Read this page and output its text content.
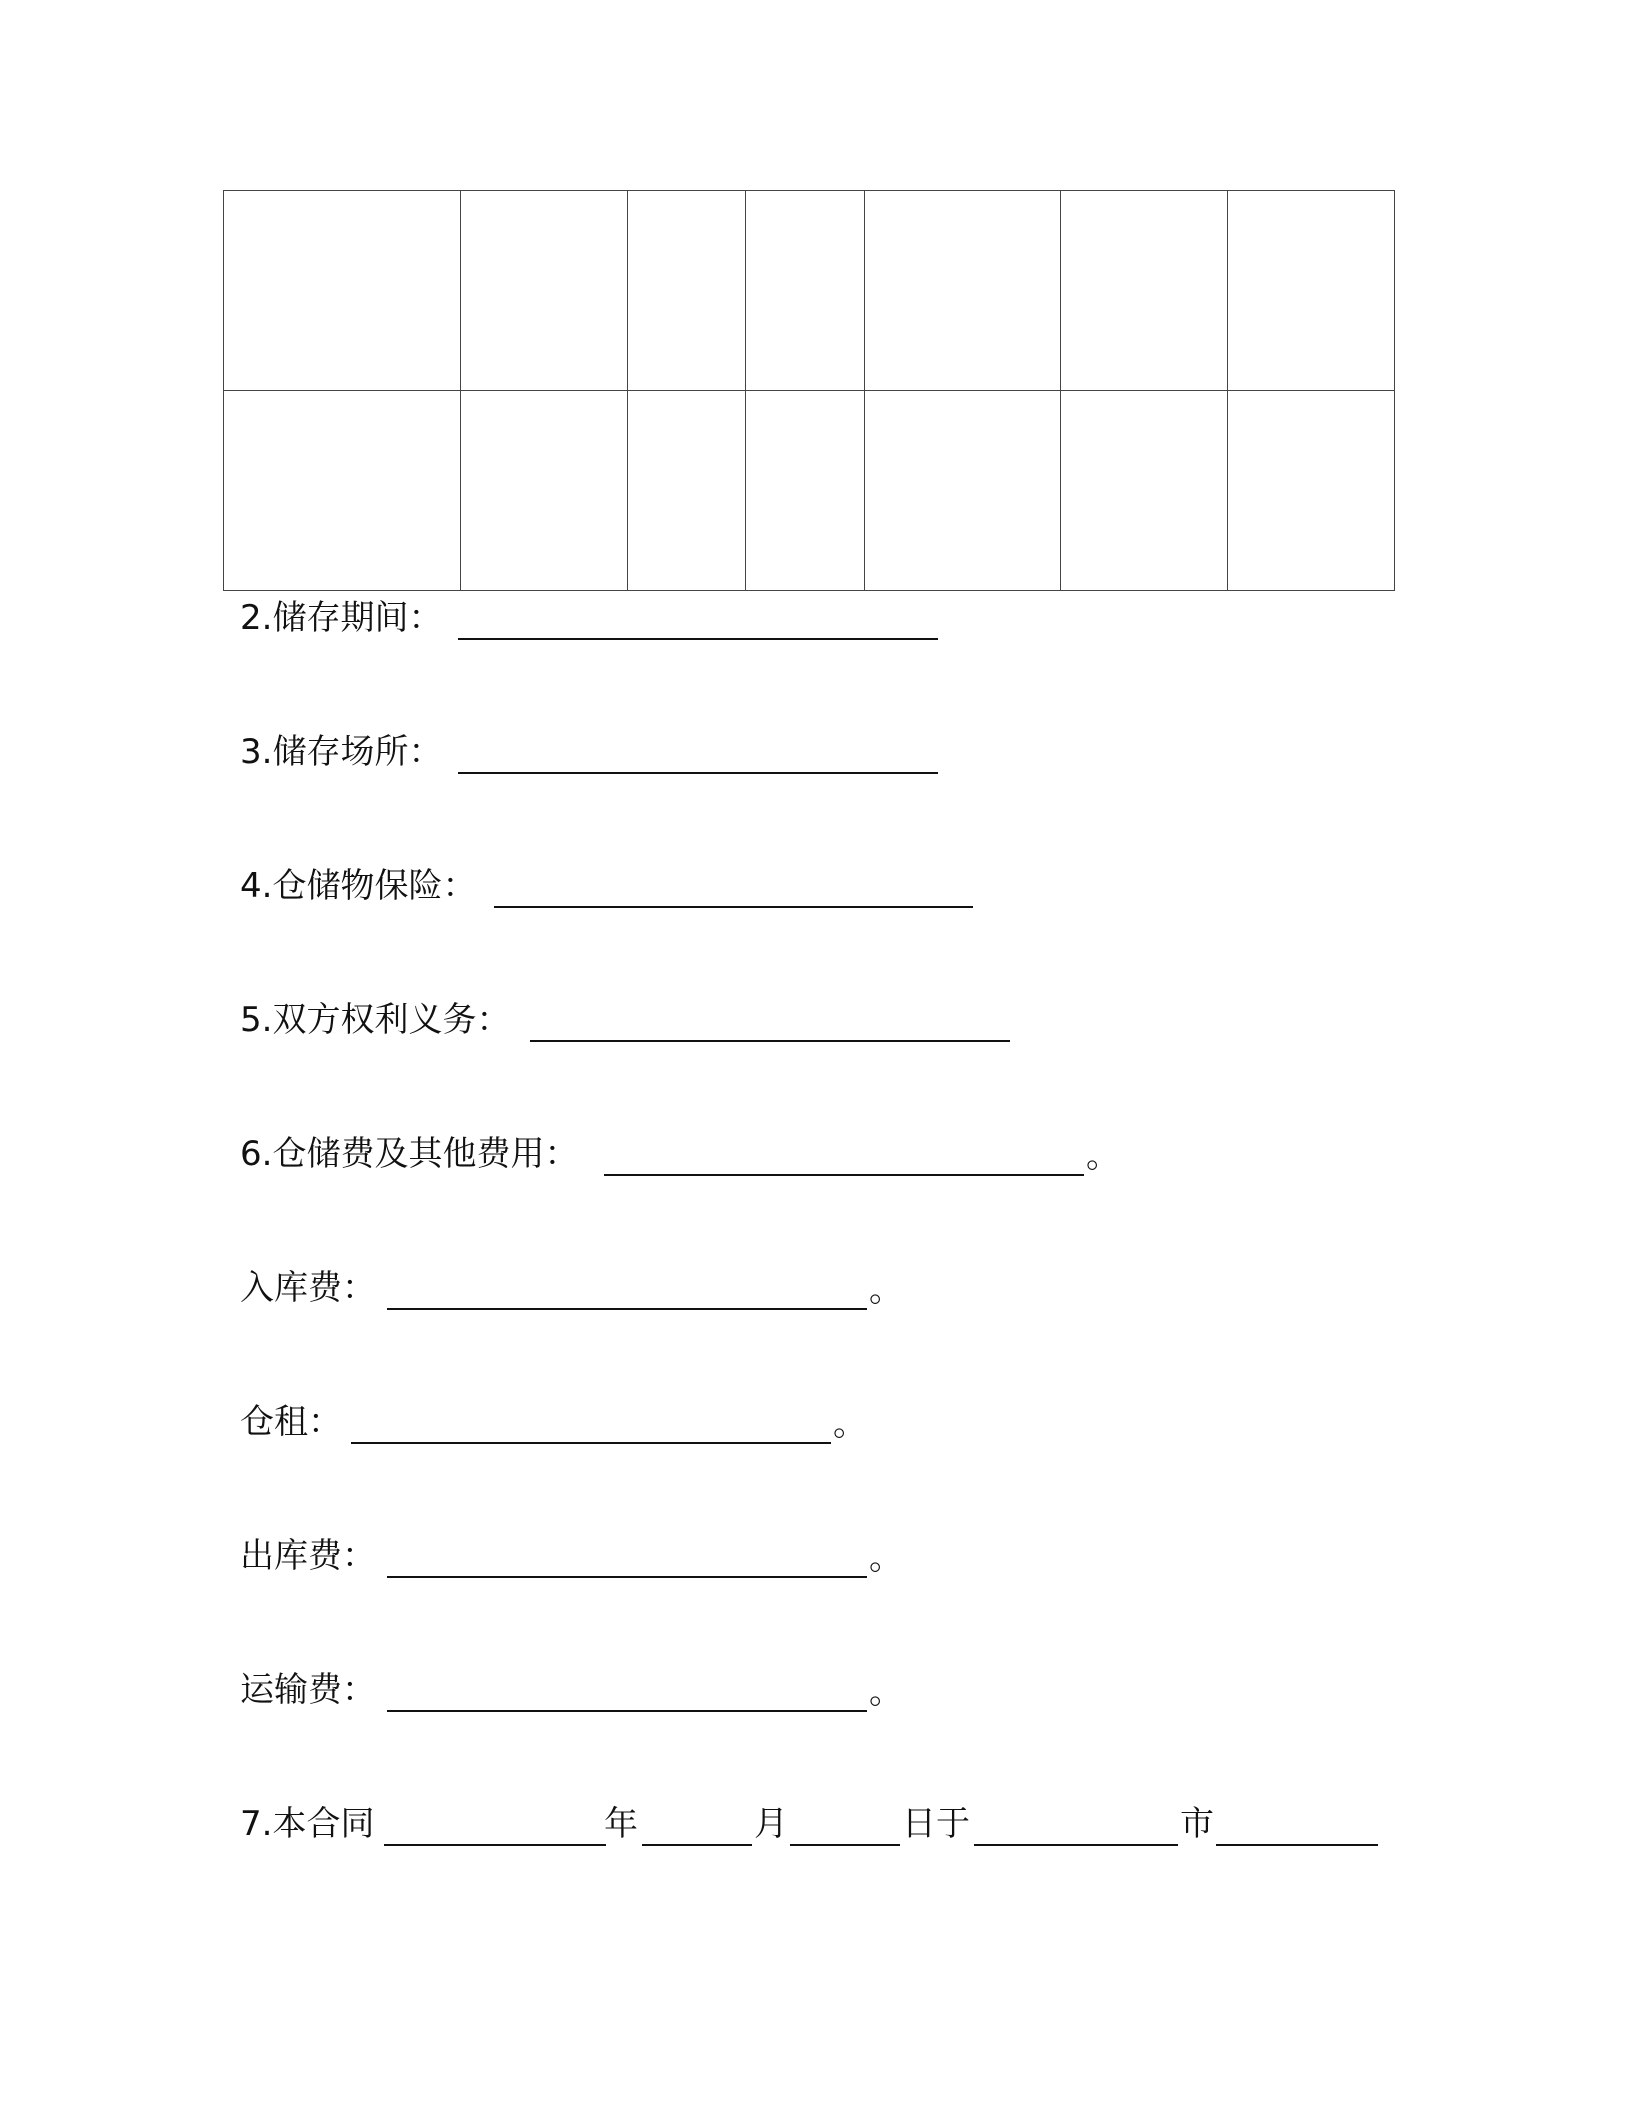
2.储存期间：
3.储存场所：
4.仓储物保险：
5.双方权利义务：
6.仓储费及其他费用：	。
入库费：	。
仓租：	。
出库费：	。
运输费：	。
7.本合同	年	月	日于	市
